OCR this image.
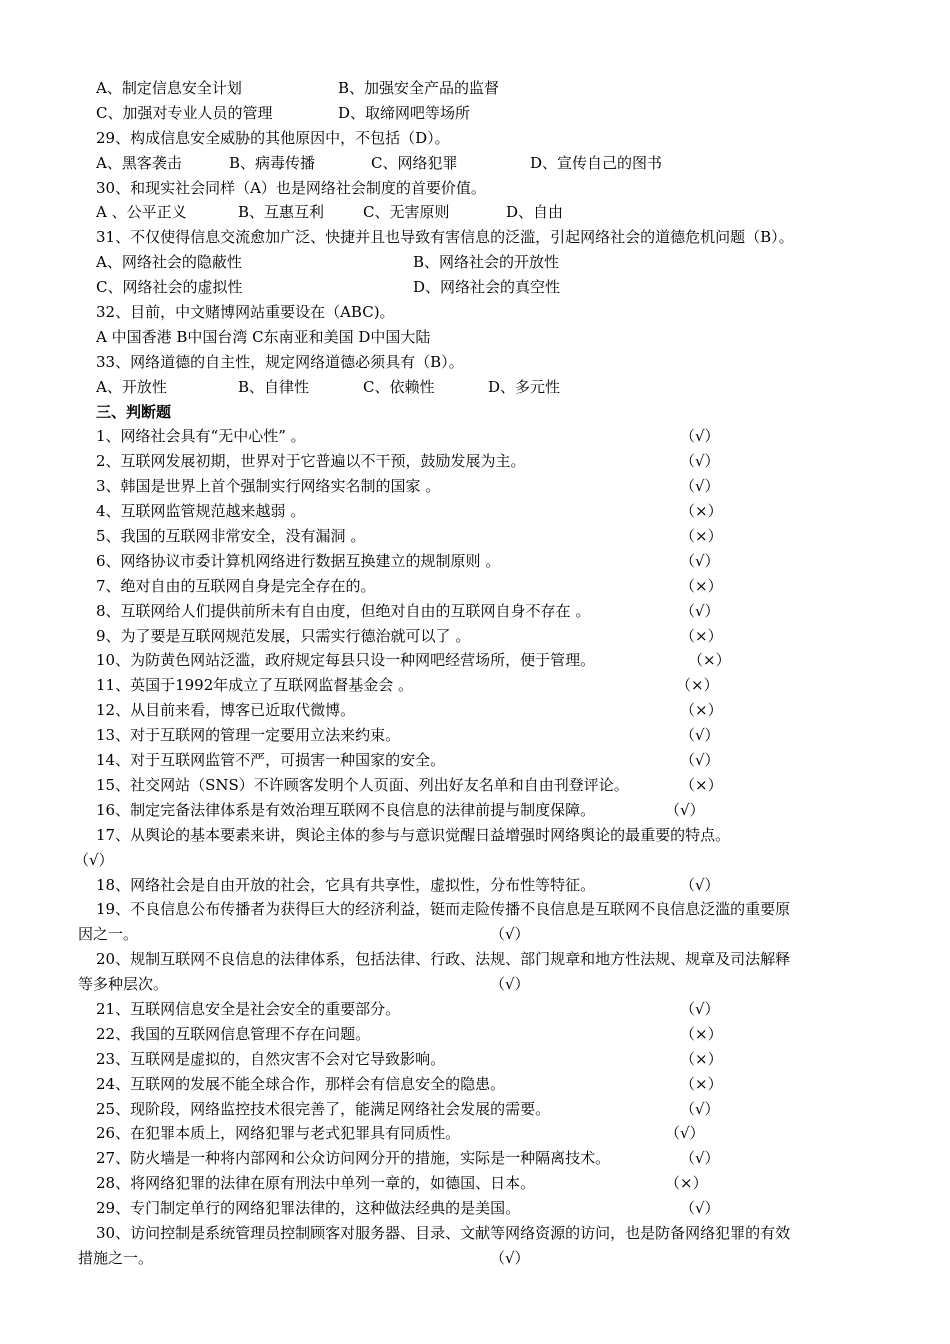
A、制定信息安全计划	B、加强安全产品的监督
C、加强对专业人员的管理	D、取缔网吧等场所
29、构成信息安全威胁的其他原因中，不包括（D）。
A、黑客袭击	B、病毒传播	C、网络犯罪	D、宣传自己的图书
30、和现实社会同样（A）也是网络社会制度的首要价值。
A 、公平正义	B、互惠互利	C、无害原则	D、自由
31、不仅使得信息交流愈加广泛、快捷并且也导致有害信息的泛滥，引起网络社会的道德危机问题（B）。
A、网络社会的隐蔽性	B、网络社会的开放性
C、网络社会的虚拟性	D、网络社会的真空性
32、目前，中文赌博网站重要设在（ABC)。
A 中国香港 B中国台湾 C东南亚和美国 D中国大陆
33、网络道德的自主性，规定网络道德必须具有（B）。
A、开放性	B、自律性	C、依赖性	D、多元性
三、判断题
1、网络社会具有“无中心性” 。	（√）
2、互联网发展初期，世界对于它普遍以不干预，鼓励发展为主。	（√）
3、韩国是世界上首个强制实行网络实名制的国家 。	（√）
4、互联网监管规范越来越弱 。	（×）
5、我国的互联网非常安全，没有漏洞 。	（×）
6、网络协议市委计算机网络进行数据互换建立的规制原则 。	（√）
7、绝对自由的互联网自身是完全存在的。	（×）
8、互联网给人们提供前所未有自由度，但绝对自由的互联网自身不存在 。	（√）
9、为了要是互联网规范发展，只需实行德治就可以了 。	（×）
10、为防黄色网站泛滥，政府规定每县只设一种网吧经营场所，便于管理。	（×）
11、英国于1992年成立了互联网监督基金会 。	（×）
12、从目前来看，博客已近取代微博。	（×）
13、对于互联网的管理一定要用立法来约束。	（√）
14、对于互联网监管不严，可损害一种国家的安全。	（√）
15、社交网站（SNS）不许顾客发明个人页面、列出好友名单和自由刊登评论。	（×）
16、制定完备法律体系是有效治理互联网不良信息的法律前提与制度保障。	（√）
17、从舆论的基本要素来讲，舆论主体的参与与意识觉醒日益增强时网络舆论的最重要的特点。
（√）
18、网络社会是自由开放的社会，它具有共享性，虚拟性，分布性等特征。	（√）
19、不良信息公布传播者为获得巨大的经济利益，铤而走险传播不良信息是互联网不良信息泛滥的重要原
因之一。	（√）
20、规制互联网不良信息的法律体系，包括法律、行政、法规、部门规章和地方性法规、规章及司法解释
等多种层次。	（√）
21、互联网信息安全是社会安全的重要部分。	（√）
22、我国的互联网信息管理不存在问题。	（×）
23、互联网是虚拟的，自然灾害不会对它导致影响。	（×）
24、互联网的发展不能全球合作，那样会有信息安全的隐患。	（×）
25、现阶段，网络监控技术很完善了，能满足网络社会发展的需要。	（√）
26、在犯罪本质上，网络犯罪与老式犯罪具有同质性。	（√）
27、防火墙是一种将内部网和公众访问网分开的措施，实际是一种隔离技术。	（√）
28、将网络犯罪的法律在原有刑法中单列一章的，如德国、日本。	（×）
29、专门制定单行的网络犯罪法律的，这种做法经典的是美国。	（√）
30、访问控制是系统管理员控制顾客对服务器、目录、文献等网络资源的访问，也是防备网络犯罪的有效
措施之一。	（√）
